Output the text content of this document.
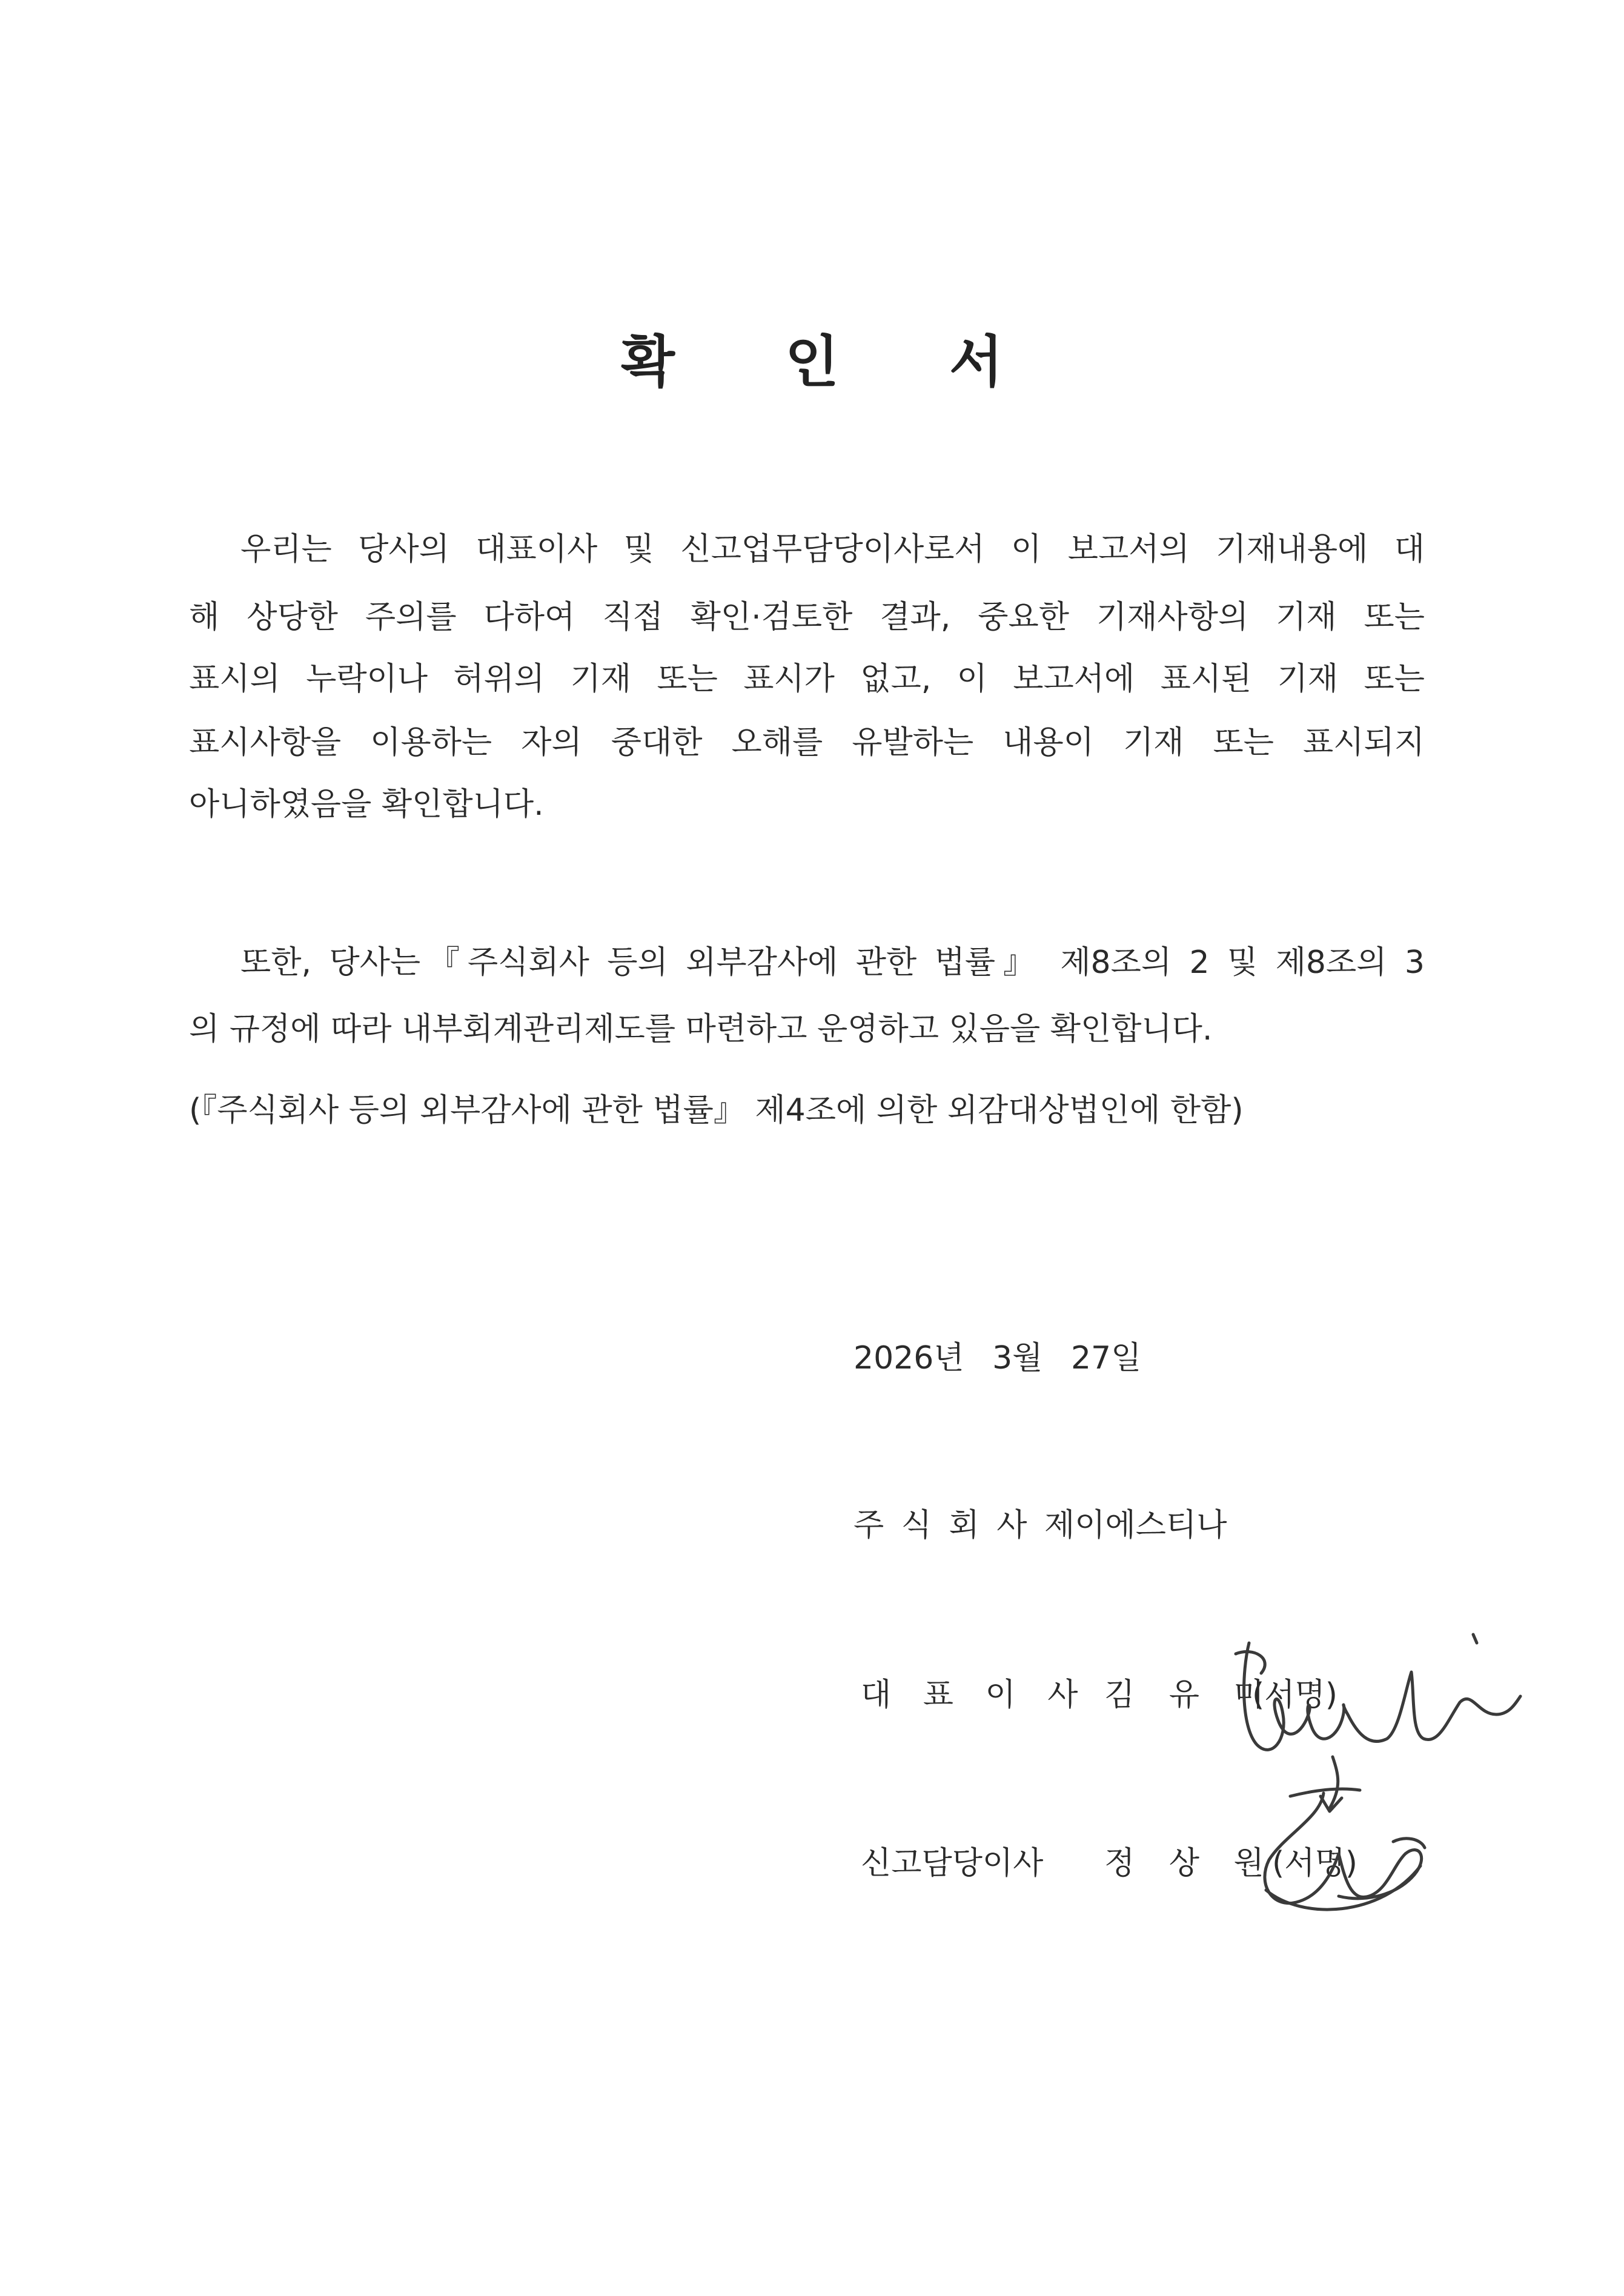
확 인 서
우리는 당사의 대표이사 및 신고업무담당이사로서 이 보고서의 기재내용에 대
해 상당한 주의를 다하여 직접 확인·검토한 결과, 중요한 기재사항의 기재 또는
표시의 누락이나 허위의 기재 또는 표시가 없고, 이 보고서에 표시된 기재 또는
표시사항을 이용하는 자의 중대한 오해를 유발하는 내용이 기재 또는 표시되지
아니하였음을 확인합니다.
또한, 당사는『주식회사 등의 외부감사에 관한 법률』 제8조의 2 및 제8조의 3
의 규정에 따라 내부회계관리제도를 마련하고 운영하고 있음을 확인합니다.
(『주식회사 등의 외부감사에 관한 법률』 제4조에 의한 외감대상법인에 한함)
2026년 3월 27일
주 식 회 사 제이에스티나
대 표 이 사 김 유 미
(서명)
신고담당이사 정 상 원 (서명)
